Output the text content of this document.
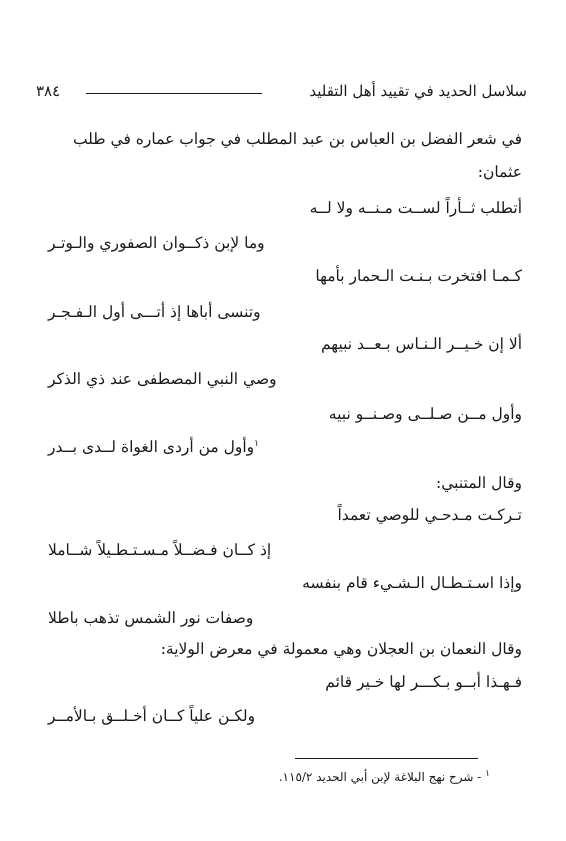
٣٨٤	سلاسل الحديد في تقييد أهل التقليد
في شعر الفضل بن العباس بن عبد المطلب في جواب عماره في طلب
عثمان:
أتطلب ثــأراً لســت مـنــه ولا لــه
وما لإبن ذكــوان الصفوري والـوتـر
كـمـا افتخرت بـنـت الـحمار بأمها
وتنسى أباها إذ أتـــى أول الـفـجـر
ألا إن خـيــر الـنـاس بـعــد نبيهم
وصي النبي المصطفى عند ذي الذكر
وأول مــن صـلــى وصـنــو نبيه
$^١$وأول من أردى الغواة لــدى بــدر
وقال المتنبي:
تـركـت مـدحـي للوصي تعمداً
إذ كــان فـضــلاً مـسـتـطـيلاً شــاملا
وإذا اسـتـطـال الـشـيء قام بنفسه
وصفات نور الشمس تذهب باطلا
وقال النعمان بن العجلان وهي معمولة في معرض الولاية:
فـهـذا أبــو بـكـــر لها خـير قائم
ولكـن علياً كــان أخـلــق بـالأمــر
$^١$ - شرح نهج البلاغة لإبن أبي الحديد ١١٥/٢.
